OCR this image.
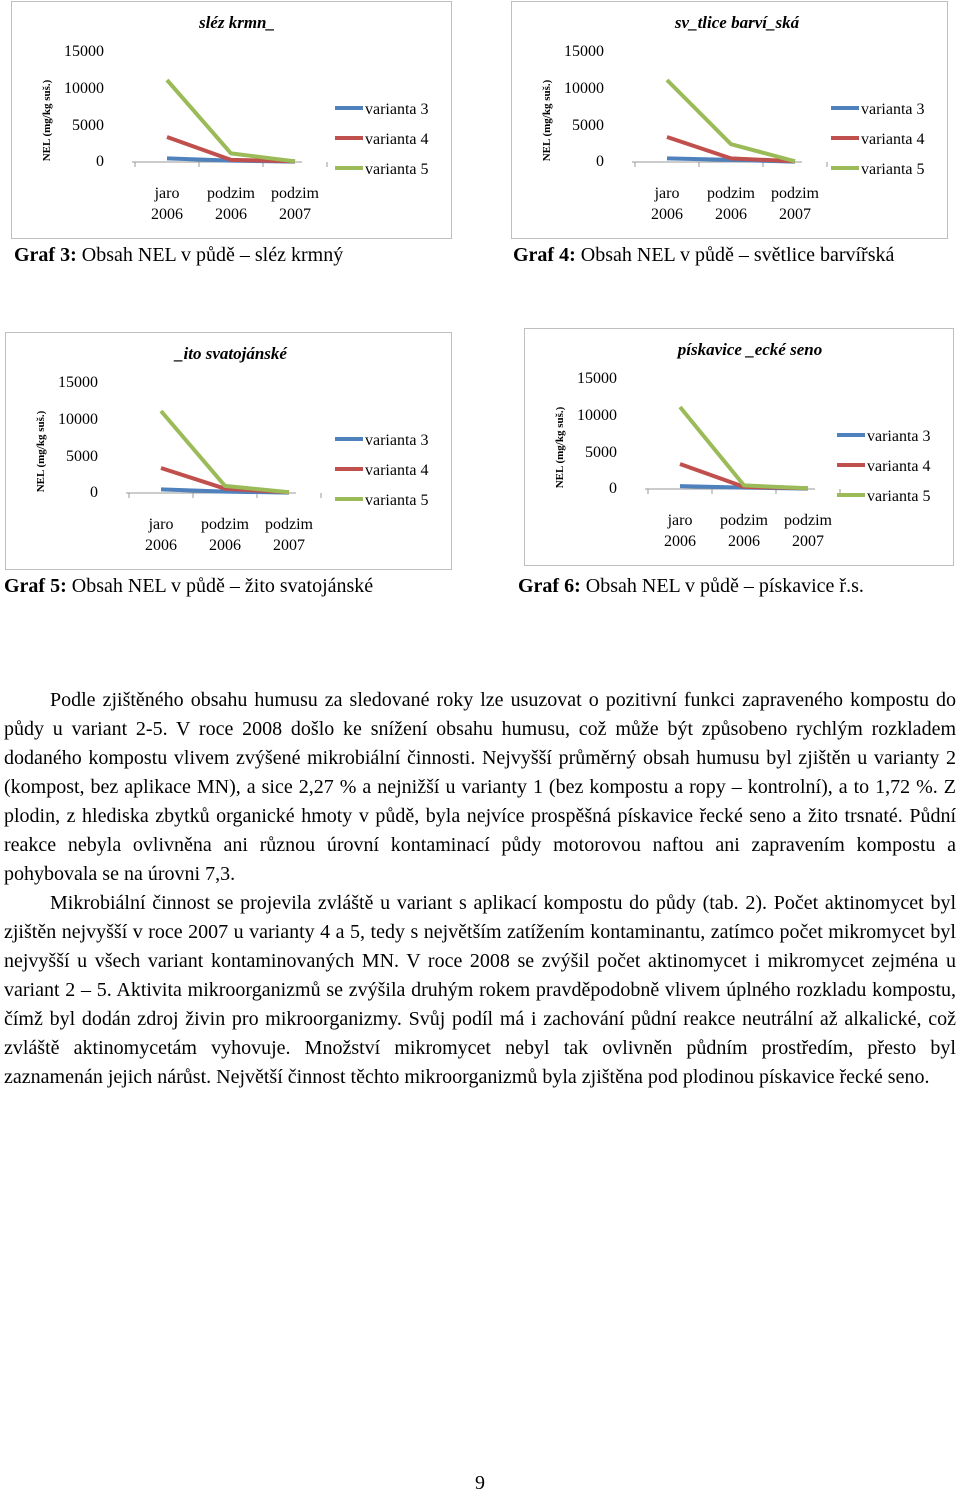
sléz krmn_
NEL (mg/kg suš.)
15000
10000
5000
0
jaro
2006
podzim
2006
podzim
2007
varianta 3
varianta 4
varianta 5
Graf 3: Obsah NEL v půdě – sléz krmný
sv_tlice barví_ská
NEL (mg/kg suš.)
15000
10000
5000
0
jaro
2006
podzim
2006
podzim
2007
varianta 3
varianta 4
varianta 5
Graf 4: Obsah NEL v půdě – světlice barvířská
_ito svatojánské
NEL (mg/kg suš.)
15000
10000
5000
0
jaro
2006
podzim
2006
podzim
2007
varianta 3
varianta 4
varianta 5
Graf 5: Obsah NEL v půdě – žito svatojánské
pískavice _ecké seno
NEL (mg/kg suš.)
15000
10000
5000
0
jaro
2006
podzim
2006
podzim
2007
varianta 3
varianta 4
varianta 5
Graf 6: Obsah NEL v půdě – pískavice ř.s.

Podle zjištěného obsahu humusu za sledované roky lze usuzovat o pozitivní funkci zapraveného kompostu do půdy u variant 2-5. V roce 2008 došlo ke snížení obsahu humusu, což může být způsobeno rychlým rozkladem dodaného kompostu vlivem zvýšené mikrobiální činnosti. Nejvyšší průměrný obsah humusu byl zjištěn u varianty 2 (kompost, bez aplikace MN), a sice 2,27 % a nejnižší u varianty 1 (bez kompostu a ropy – kontrolní), a to 1,72 %. Z plodin, z hlediska zbytků organické hmoty v půdě, byla nejvíce prospěšná pískavice řecké seno a žito trsnaté. Půdní reakce nebyla ovlivněna ani různou úrovní kontaminací půdy motorovou naftou ani zapravením kompostu a pohybovala se na úrovni 7,3.

Mikrobiální činnost se projevila zvláště u variant s aplikací kompostu do půdy (tab. 2). Počet aktinomycet byl zjištěn nejvyšší v roce 2007 u varianty 4 a 5, tedy s největším zatížením kontaminantu, zatímco počet mikromycet byl nejvyšší u všech variant kontaminovaných MN. V roce 2008 se zvýšil počet aktinomycet i mikromycet zejména u variant 2 – 5. Aktivita mikroorganizmů se zvýšila druhým rokem pravděpodobně vlivem úplného rozkladu kompostu, čímž byl dodán zdroj živin pro mikroorganizmy. Svůj podíl má i zachování půdní reakce neutrální až alkalické, což zvláště aktinomycetám vyhovuje. Množství mikromycet nebyl tak ovlivněn půdním prostředím, přesto byl zaznamenán jejich nárůst. Největší činnost těchto mikroorganizmů byla zjištěna pod plodinou pískavice řecké seno.

9
